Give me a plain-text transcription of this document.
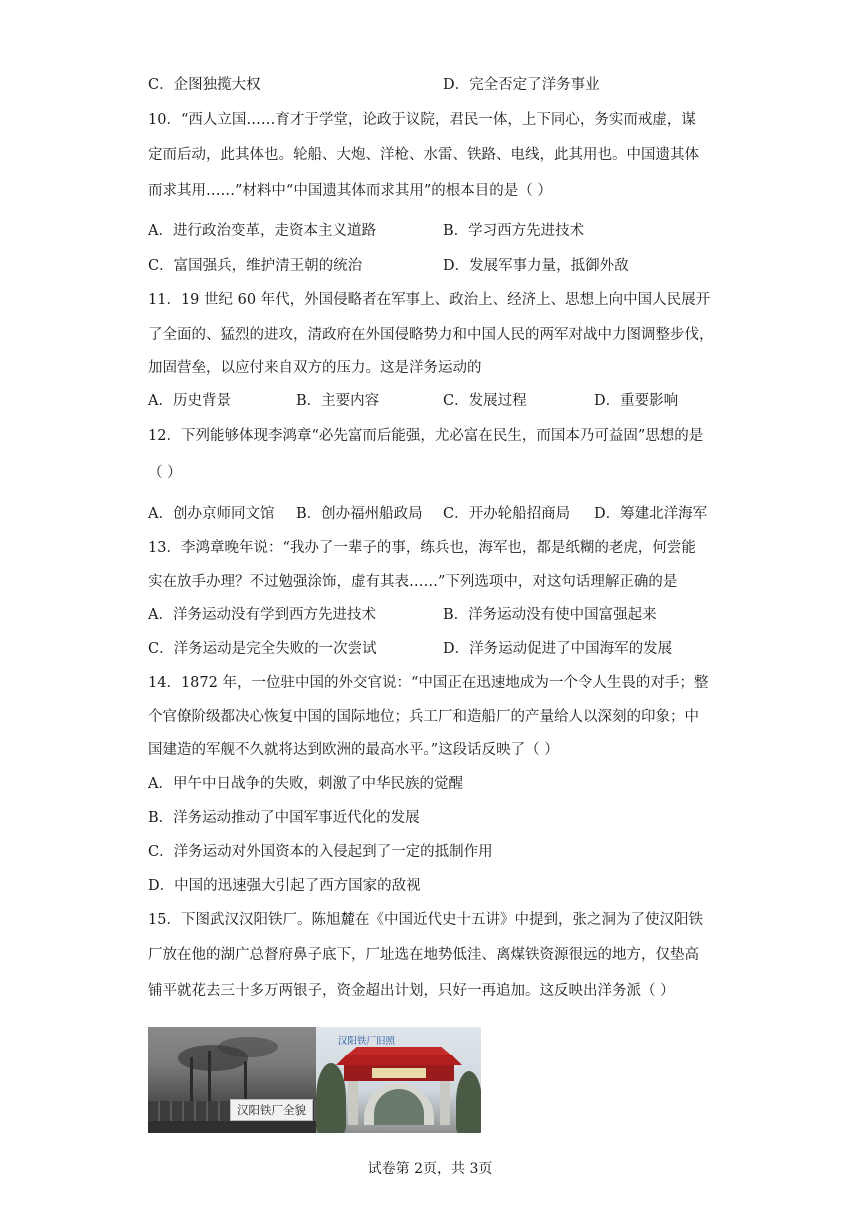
C．企图独揽大权	D．完全否定了洋务事业
10．“西人立国……育才于学堂，论政于议院，君民一体，上下同心，务实而戒虚，谋
定而后动，此其体也。轮船、大炮、洋枪、水雷、铁路、电线，此其用也。中国遗其体
而求其用……”材料中“中国遗其体而求其用”的根本目的是（ ）
A．进行政治变革，走资本主义道路	B．学习西方先进技术
C．富国强兵，维护清王朝的统治	D．发展军事力量，抵御外敌
11．19 世纪 60 年代，外国侵略者在军事上、政治上、经济上、思想上向中国人民展开
了全面的、猛烈的进攻，清政府在外国侵略势力和中国人民的两军对战中力图调整步伐，
加固营垒，以应付来自双方的压力。这是洋务运动的
A．历史背景	B．主要内容	C．发展过程	D．重要影响
12．下列能够体现李鸿章“必先富而后能强，尤必富在民生，而国本乃可益固”思想的是
（ ）
A．创办京师同文馆 B．创办福州船政局 C．开办轮船招商局 D．筹建北洋海军
13．李鸿章晚年说：“我办了一辈子的事，练兵也，海军也，都是纸糊的老虎，何尝能
实在放手办理？不过勉强涂饰，虚有其表……”下列选项中，对这句话理解正确的是
A．洋务运动没有学到西方先进技术	B．洋务运动没有使中国富强起来
C．洋务运动是完全失败的一次尝试	D．洋务运动促进了中国海军的发展
14．1872 年，一位驻中国的外交官说：“中国正在迅速地成为一个令人生畏的对手；整
个官僚阶级都决心恢复中国的国际地位；兵工厂和造船厂的产量给人以深刻的印象；中
国建造的军舰不久就将达到欧洲的最高水平。”这段话反映了（ ）
A．甲午中日战争的失败，刺激了中华民族的觉醒
B．洋务运动推动了中国军事近代化的发展
C．洋务运动对外国资本的入侵起到了一定的抵制作用
D．中国的迅速强大引起了西方国家的敌视
15．下图武汉汉阳铁厂。陈旭麓在《中国近代史十五讲》中提到，张之洞为了使汉阳铁
厂放在他的湖广总督府鼻子底下，厂址选在地势低洼、离煤铁资源很远的地方，仅垫高
铺平就花去三十多万两银子，资金超出计划，只好一再追加。这反映出洋务派（ ）
汉阳铁厂旧照
汉阳铁厂全貌
试卷第 2页，共 3页
